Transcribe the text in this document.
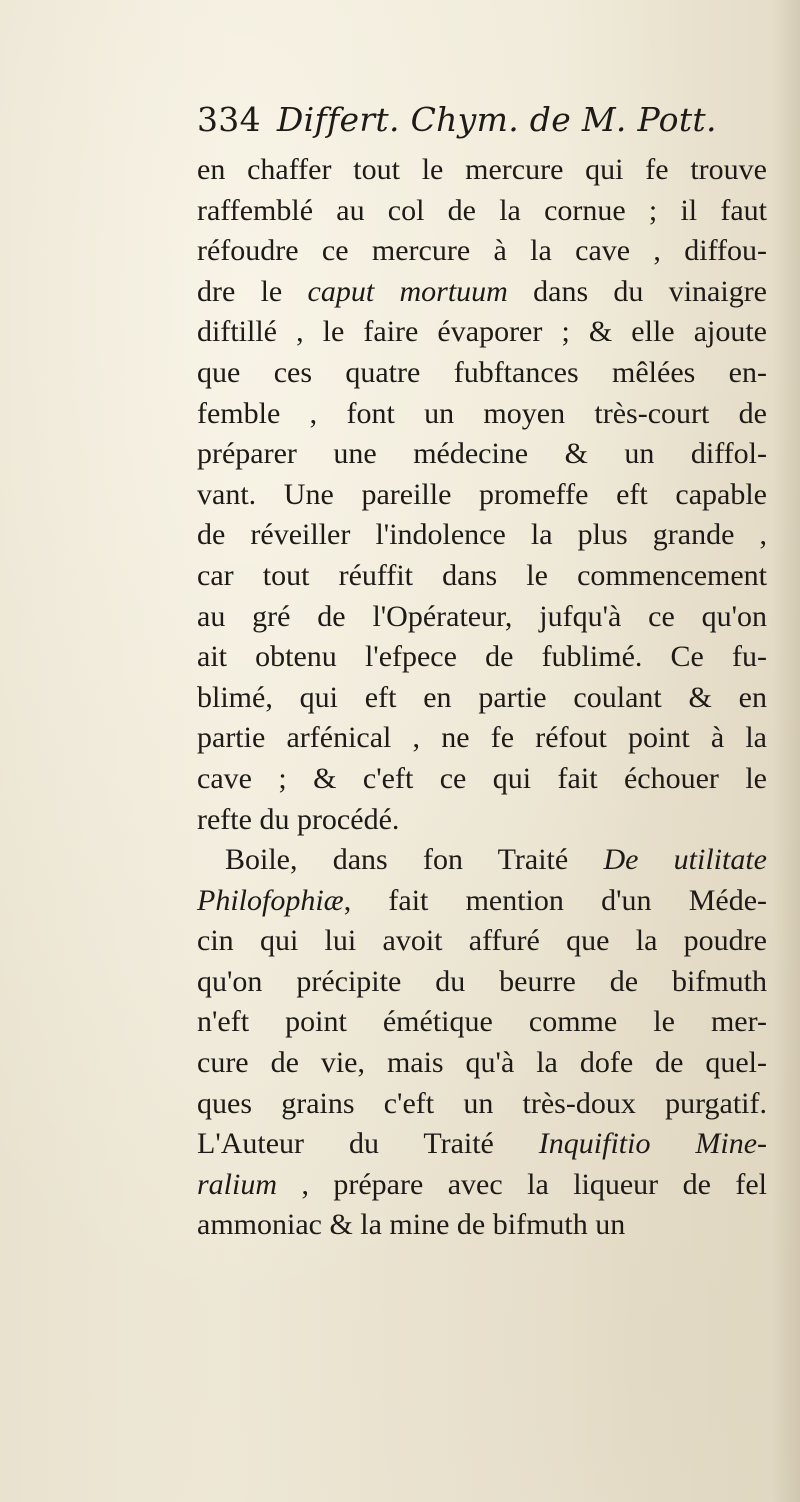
334 Differt. Chym. de M. Pott.
en chaffer tout le mercure qui fe trouve
raffemblé au col de la cornue ; il faut
réfoudre ce mercure à la cave , diffou-
dre le caput mortuum dans du vinaigre
diftillé , le faire évaporer ; & elle ajoute
que ces quatre fubftances mêlées en-
femble , font un moyen très-court de
préparer une médecine & un diffol-
vant. Une pareille promeffe eft capable
de réveiller l'indolence la plus grande ,
car tout réuffit dans le commencement
au gré de l'Opérateur, jufqu'à ce qu'on
ait obtenu l'efpece de fublimé. Ce fu-
blimé, qui eft en partie coulant & en
partie arfénical , ne fe réfout point à la
cave ; & c'eft ce qui fait échouer le
refte du procédé.
Boile, dans fon Traité De utilitate
Philofophiæ, fait mention d'un Méde-
cin qui lui avoit affuré que la poudre
qu'on précipite du beurre de bifmuth
n'eft point émétique comme le mer-
cure de vie, mais qu'à la dofe de quel-
ques grains c'eft un très-doux purgatif.
L'Auteur du Traité Inquifitio Mine-
ralium , prépare avec la liqueur de fel
ammoniac & la mine de bifmuth un
